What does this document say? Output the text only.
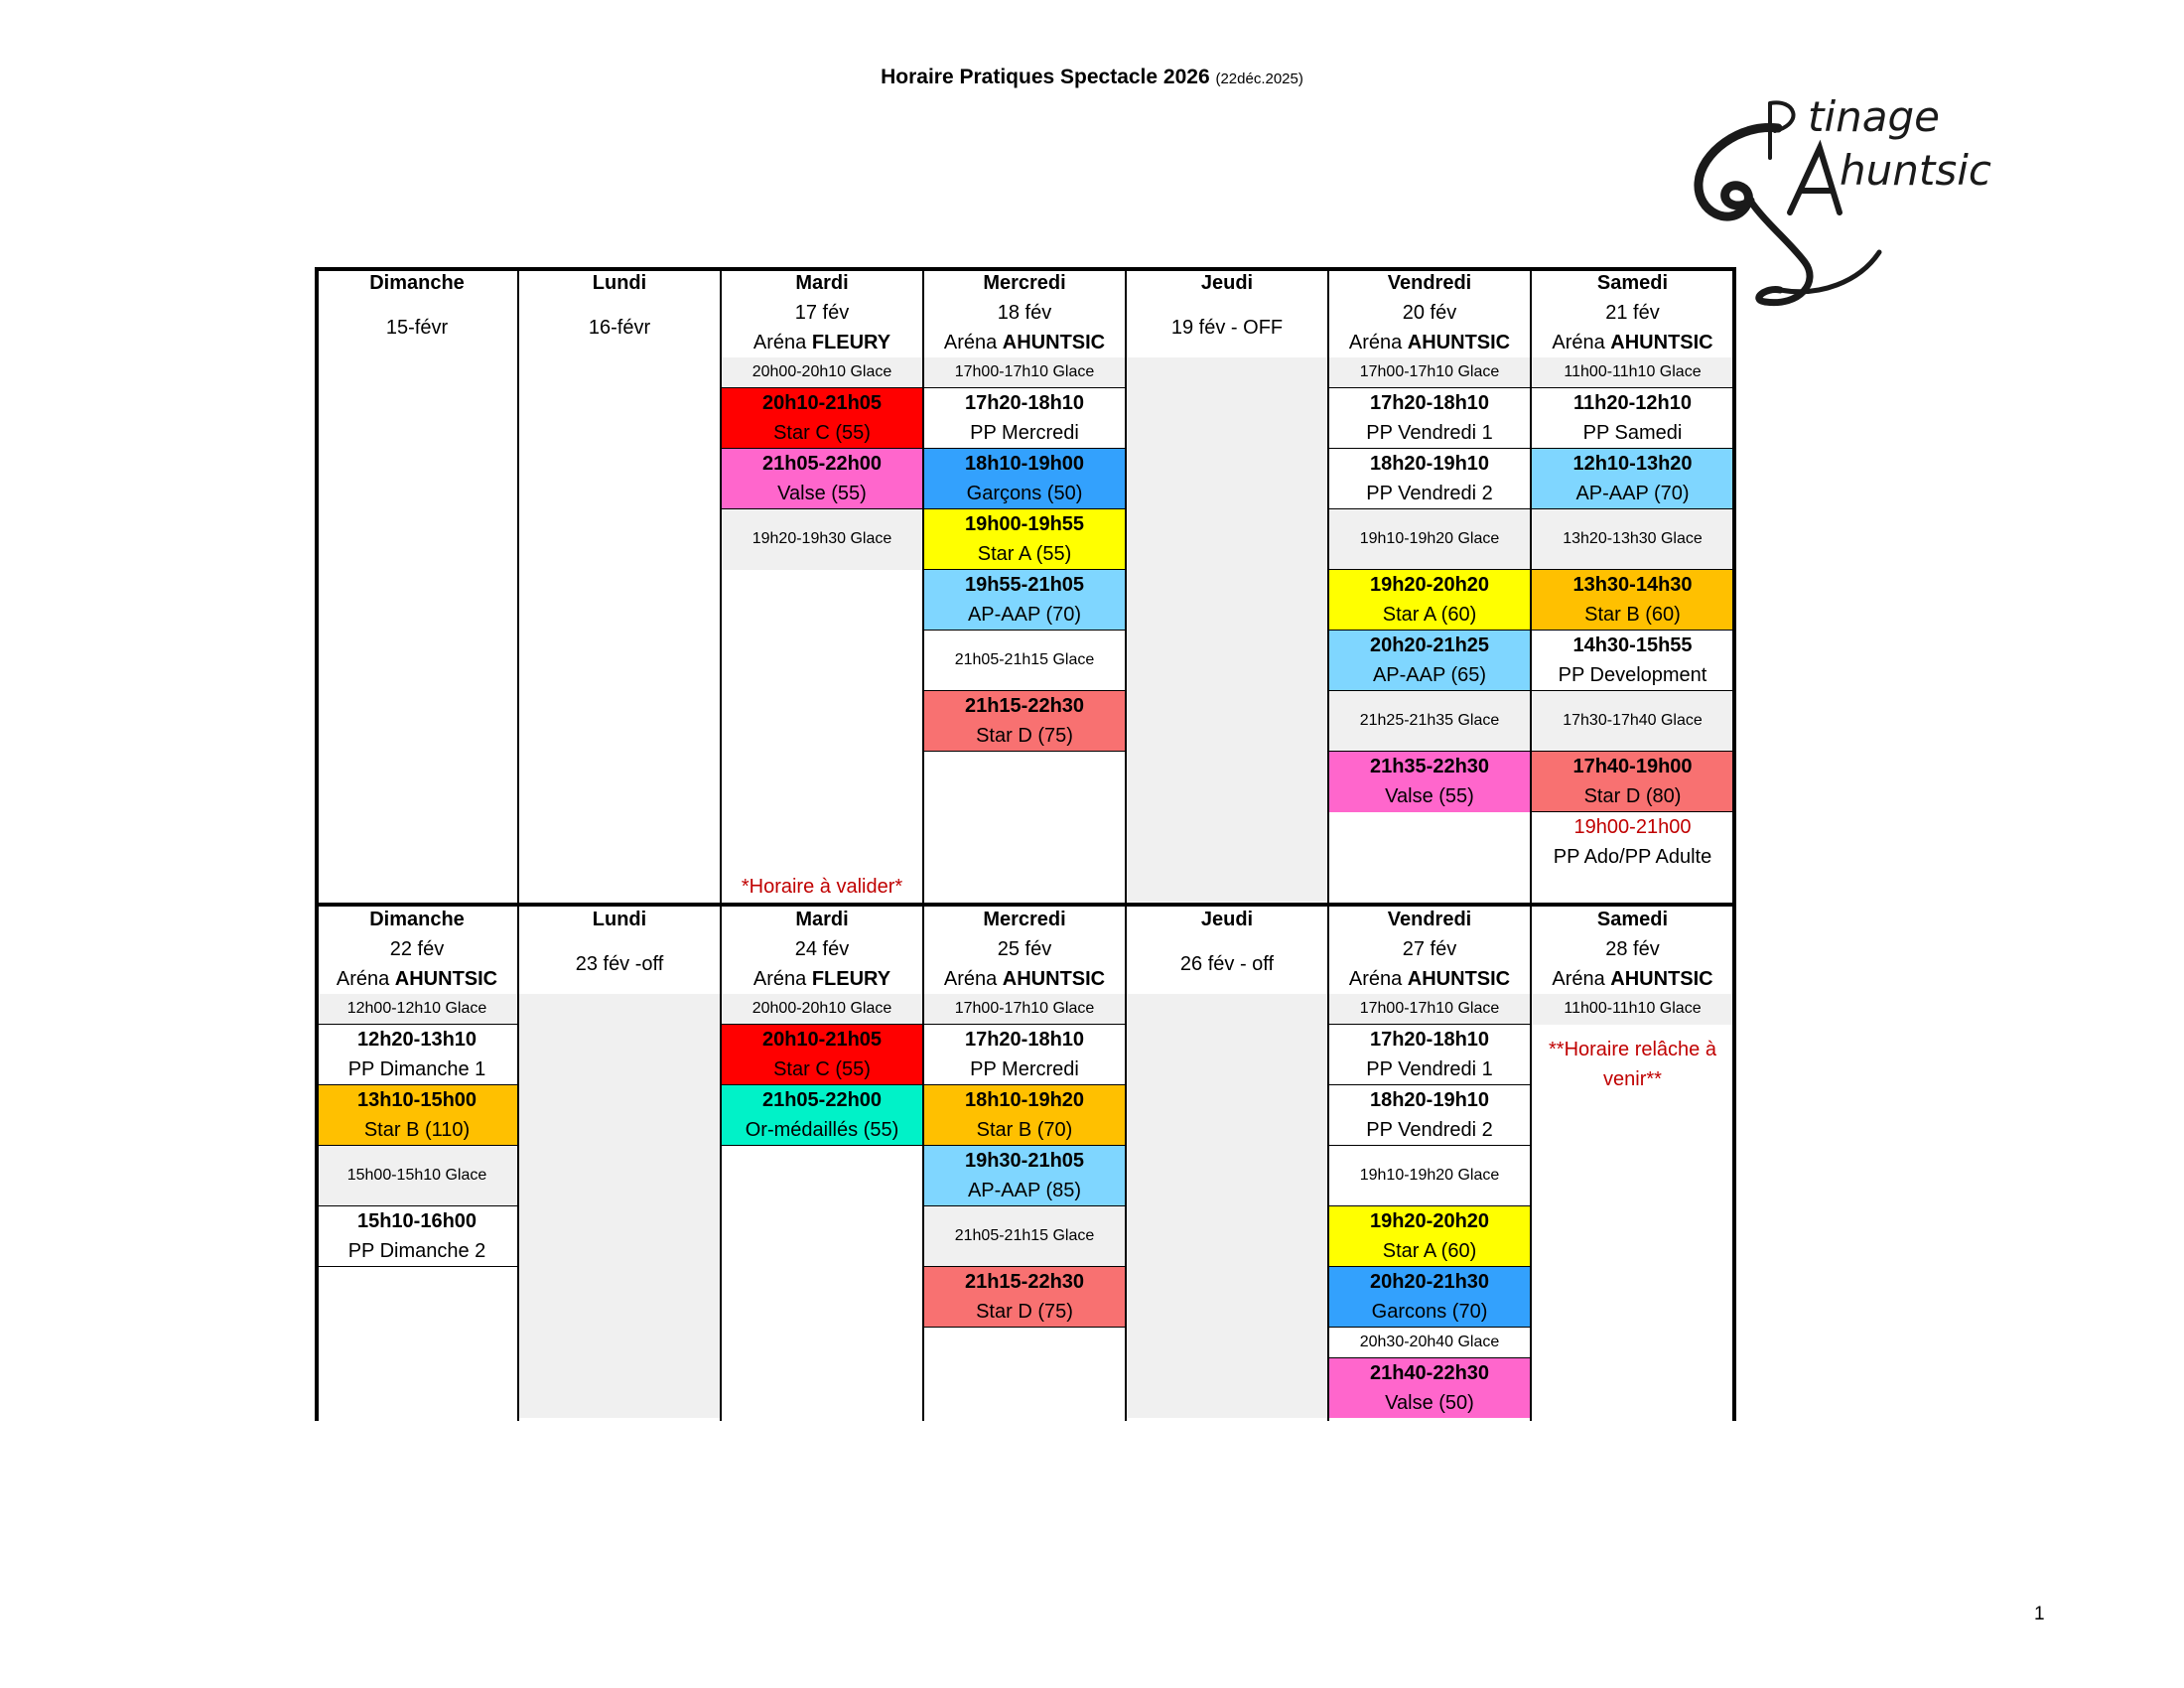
Horaire Pratiques Spectacle 2026 (22déc.2025)
tinage
huntsic
1
Dimanche	Lundi	Mardi	Mercredi	Jeudi	Vendredi	Samedi
15-févr	16-févr	17 fév	18 fév	19 fév - OFF	20 fév	21 fév
		Aréna FLEURY	Aréna AHUNTSIC		Aréna AHUNTSIC	Aréna AHUNTSIC
		20h00-20h10 Glace	17h00-17h10 Glace		17h00-17h10 Glace	11h00-11h10 Glace
		20h10-21h05	17h20-18h10		17h20-18h10	11h20-12h10
		Star C (55)	PP Mercredi		PP Vendredi 1	PP Samedi
		21h05-22h00	18h10-19h00		18h20-19h10	12h10-13h20
		Valse (55)	Garçons (50)		PP Vendredi 2	AP-AAP (70)
		19h20-19h30 Glace	19h00-19h55		19h10-19h20 Glace	13h20-13h30 Glace
			Star A (55)			
			19h55-21h05		19h20-20h20	13h30-14h30
			AP-AAP (70)		Star A (60)	Star B (60)
			21h05-21h15 Glace		20h20-21h25	14h30-15h55
					AP-AAP (65)	PP Development
			21h15-22h30		21h25-21h35 Glace	17h30-17h40 Glace
			Star D (75)			
					21h35-22h30	17h40-19h00
					Valse (55)	Star D (80)
						19h00-21h00
						PP Ado/PP Adulte
		*Horaire à valider*				
Dimanche	Lundi	Mardi	Mercredi	Jeudi	Vendredi	Samedi
22 fév	23 fév -off	24 fév	25 fév	26 fév - off	27 fév	28 fév
Aréna AHUNTSIC		Aréna FLEURY	Aréna AHUNTSIC		Aréna AHUNTSIC	Aréna AHUNTSIC
12h00-12h10 Glace		20h00-20h10 Glace	17h00-17h10 Glace		17h00-17h10 Glace	11h00-11h10 Glace
12h20-13h10		20h10-21h05	17h20-18h10		17h20-18h10	**Horaire relâche à venir**

PP Dimanche 1		Star C (55)	PP Mercredi		PP Vendredi 1	
13h10-15h00		21h05-22h00	18h10-19h20		18h20-19h10	
Star B (110)		Or-médaillés (55)	Star B (70)		PP Vendredi 2	
15h00-15h10 Glace			19h30-21h05		19h10-19h20 Glace	
			AP-AAP (85)			
15h10-16h00			21h05-21h15 Glace		19h20-20h20	
PP Dimanche 2					Star A (60)	
			21h15-22h30		20h20-21h30	
			Star D (75)		Garcons (70)	
					20h30-20h40 Glace	
					21h40-22h30	
					Valse (50)	
